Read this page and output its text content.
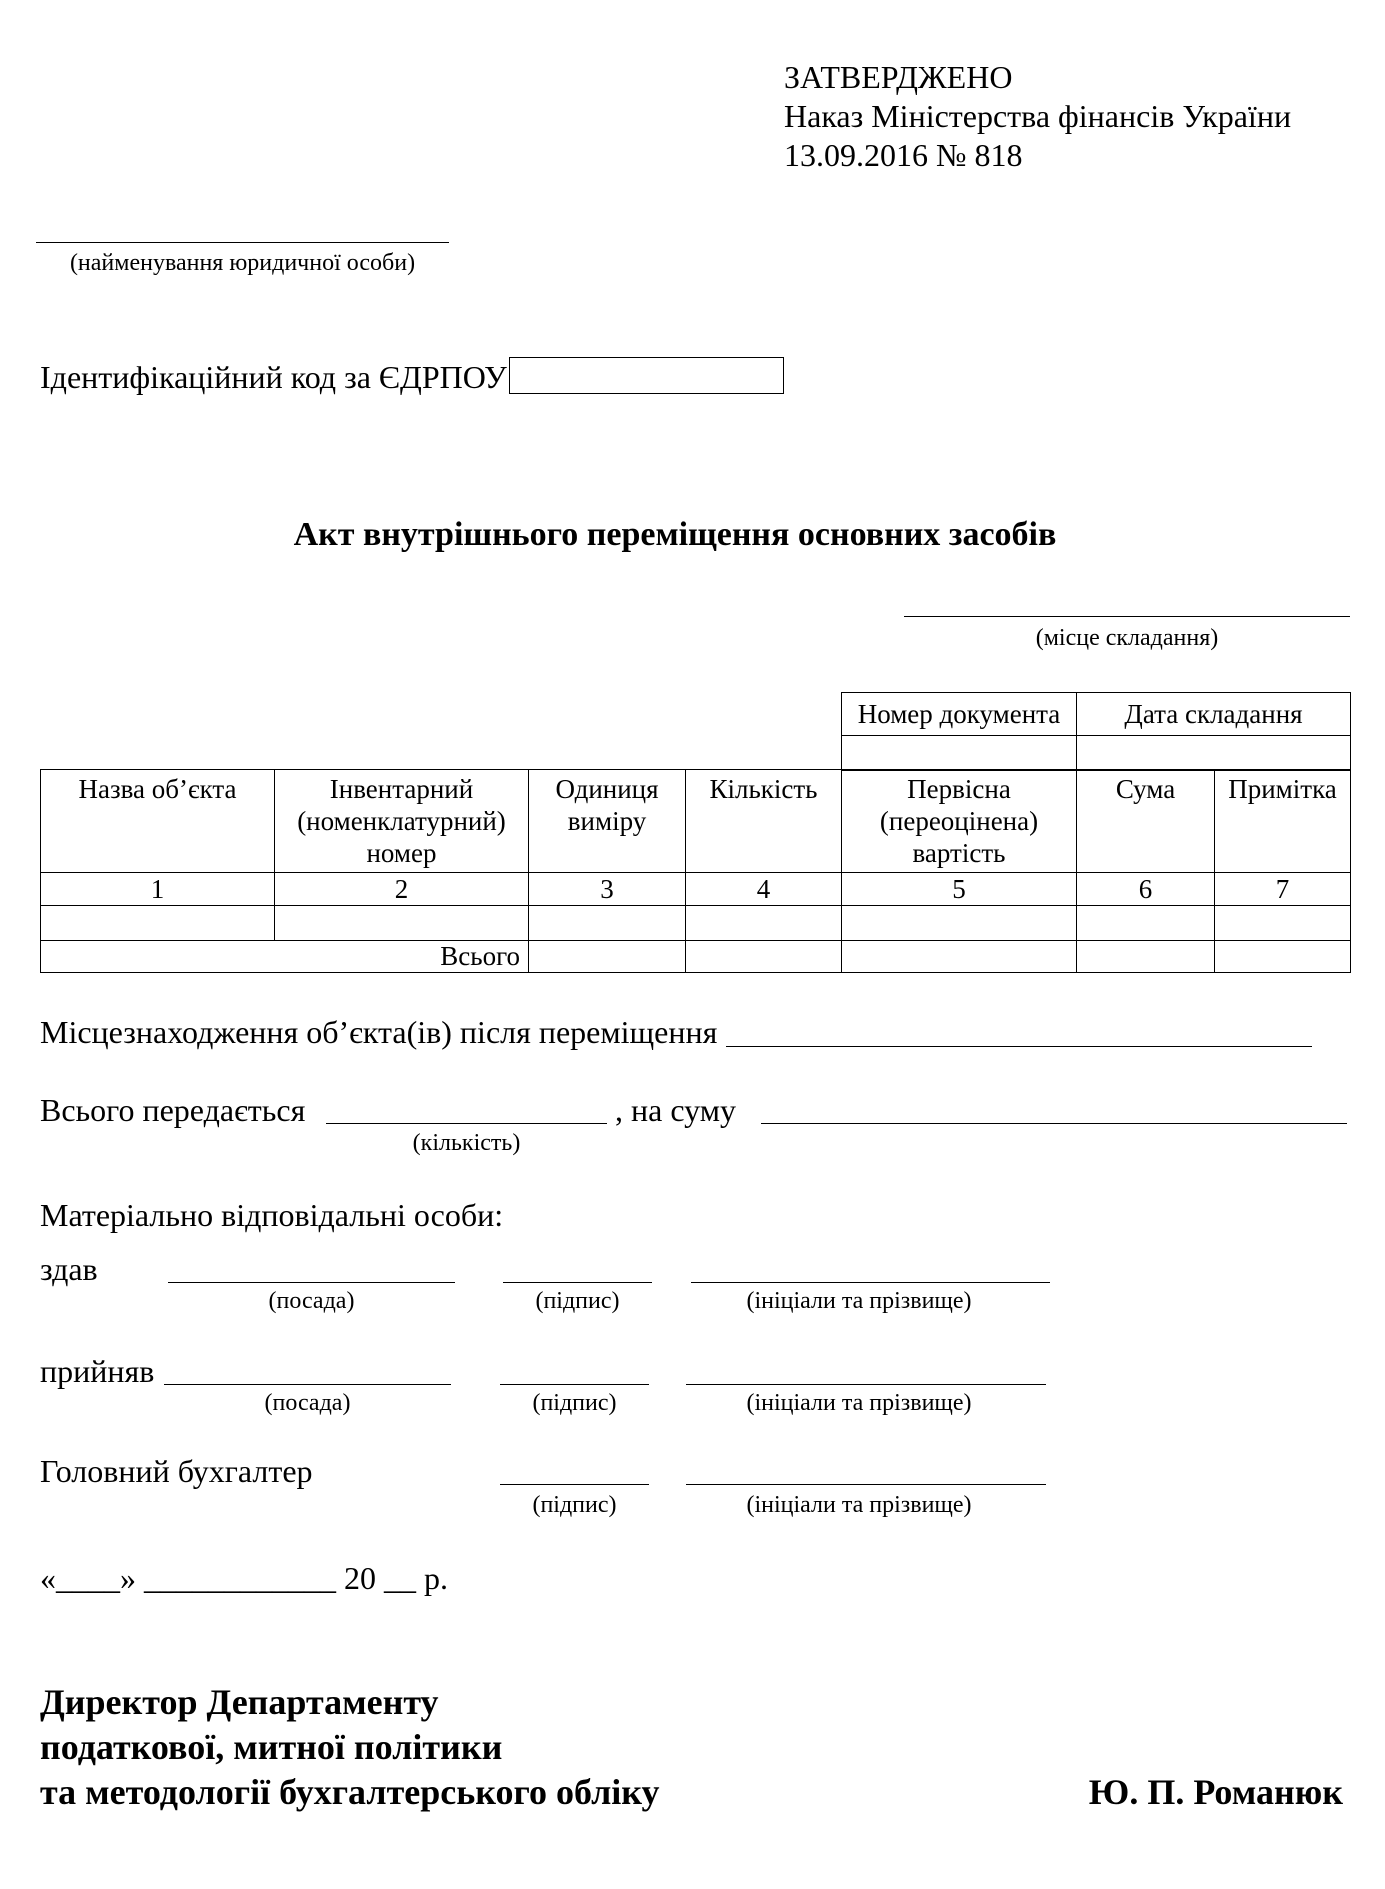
ЗАТВЕРДЖЕНО
Наказ Міністерства фінансів України
13.09.2016 № 818
(найменування юридичної особи)
Ідентифікаційний код за ЄДРПОУ
Акт внутрішнього переміщення основних засобів
(місце складання)
Номер документа	Дата складання

Назва об’єкта	Інвентарний (номенклатурний) номер	Одиниця виміру	Кількість	Первісна (переоцінена) вартість	Сума	Примітка
1	2	3	4	5	6	7

Всього						
Місцезнаходження об’єкта(ів) після переміщення
Всього передається	, на суму
(кількість)
Матеріально відповідальні особи:
здав
(посада)	(підпис)	(ініціали та прізвище)
прийняв
(посада)	(підпис)	(ініціали та прізвище)
Головний бухгалтер
(підпис)	(ініціали та прізвище)
«____» ____________ 20 __ р.
Директор Департаменту
податкової, митної політики
та методології бухгалтерського обліку	Ю. П. Романюк
